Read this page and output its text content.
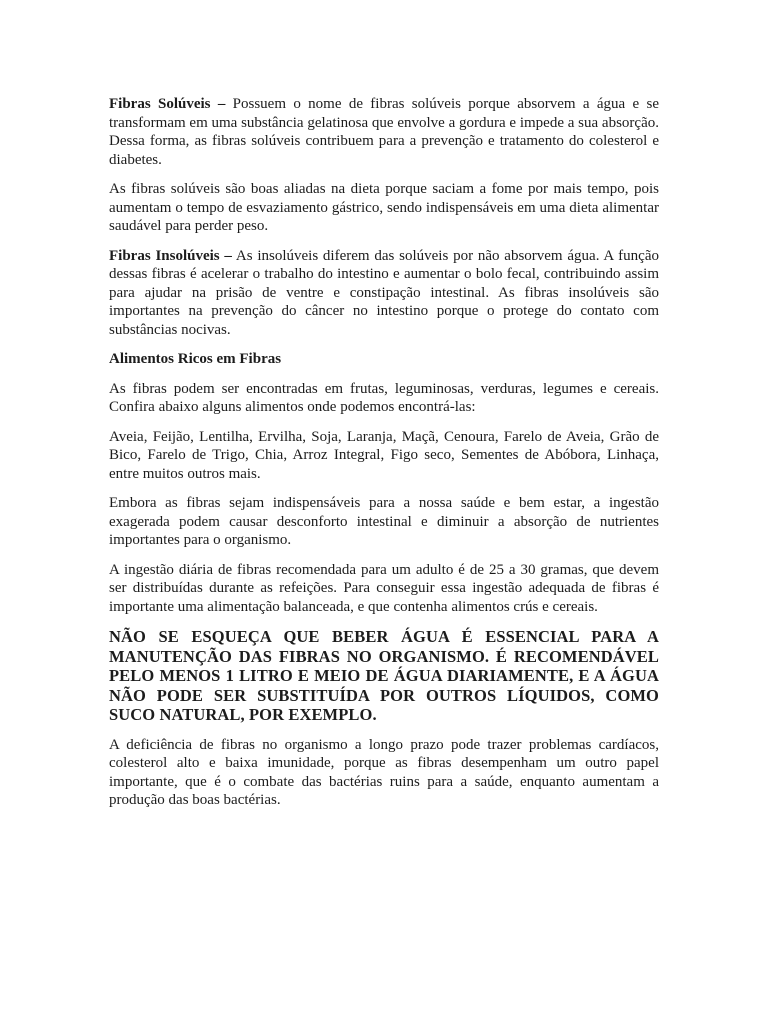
Fibras Solúveis – Possuem o nome de fibras solúveis porque absorvem a água e se transformam em uma substância gelatinosa que envolve a gordura e impede a sua absorção. Dessa forma, as fibras solúveis contribuem para a prevenção e tratamento do colesterol e diabetes.

As fibras solúveis são boas aliadas na dieta porque saciam a fome por mais tempo, pois aumentam o tempo de esvaziamento gástrico, sendo indispensáveis em uma dieta alimentar saudável para perder peso.

Fibras Insolúveis – As insolúveis diferem das solúveis por não absorvem água. A função dessas fibras é acelerar o trabalho do intestino e aumentar o bolo fecal, contribuindo assim para ajudar na prisão de ventre e constipação intestinal. As fibras insolúveis são importantes na prevenção do câncer no intestino porque o protege do contato com substâncias nocivas.

Alimentos Ricos em Fibras

As fibras podem ser encontradas em frutas, leguminosas, verduras, legumes e cereais. Confira abaixo alguns alimentos onde podemos encontrá-las:

Aveia, Feijão, Lentilha, Ervilha, Soja, Laranja, Maçã, Cenoura, Farelo de Aveia, Grão de Bico, Farelo de Trigo, Chia, Arroz Integral, Figo seco, Sementes de Abóbora, Linhaça, entre muitos outros mais.

Embora as fibras sejam indispensáveis para a nossa saúde e bem estar, a ingestão exagerada podem causar desconforto intestinal e diminuir a absorção de nutrientes importantes para o organismo.

A ingestão diária de fibras recomendada para um adulto é de 25 a 30 gramas, que devem ser distribuídas durante as refeições. Para conseguir essa ingestão adequada de fibras é importante uma alimentação balanceada, e que contenha alimentos crús e cereais.

NÃO SE ESQUEÇA QUE BEBER ÁGUA É ESSENCIAL PARA A MANUTENÇÃO DAS FIBRAS NO ORGANISMO. É RECOMENDÁVEL PELO MENOS 1 LITRO E MEIO DE ÁGUA DIARIAMENTE, E A ÁGUA NÃO PODE SER SUBSTITUÍDA POR OUTROS LÍQUIDOS, COMO SUCO NATURAL, POR EXEMPLO.

A deficiência de fibras no organismo a longo prazo pode trazer problemas cardíacos, colesterol alto e baixa imunidade, porque as fibras desempenham um outro papel importante, que é o combate das bactérias ruins para a saúde, enquanto aumentam a produção das boas bactérias.
